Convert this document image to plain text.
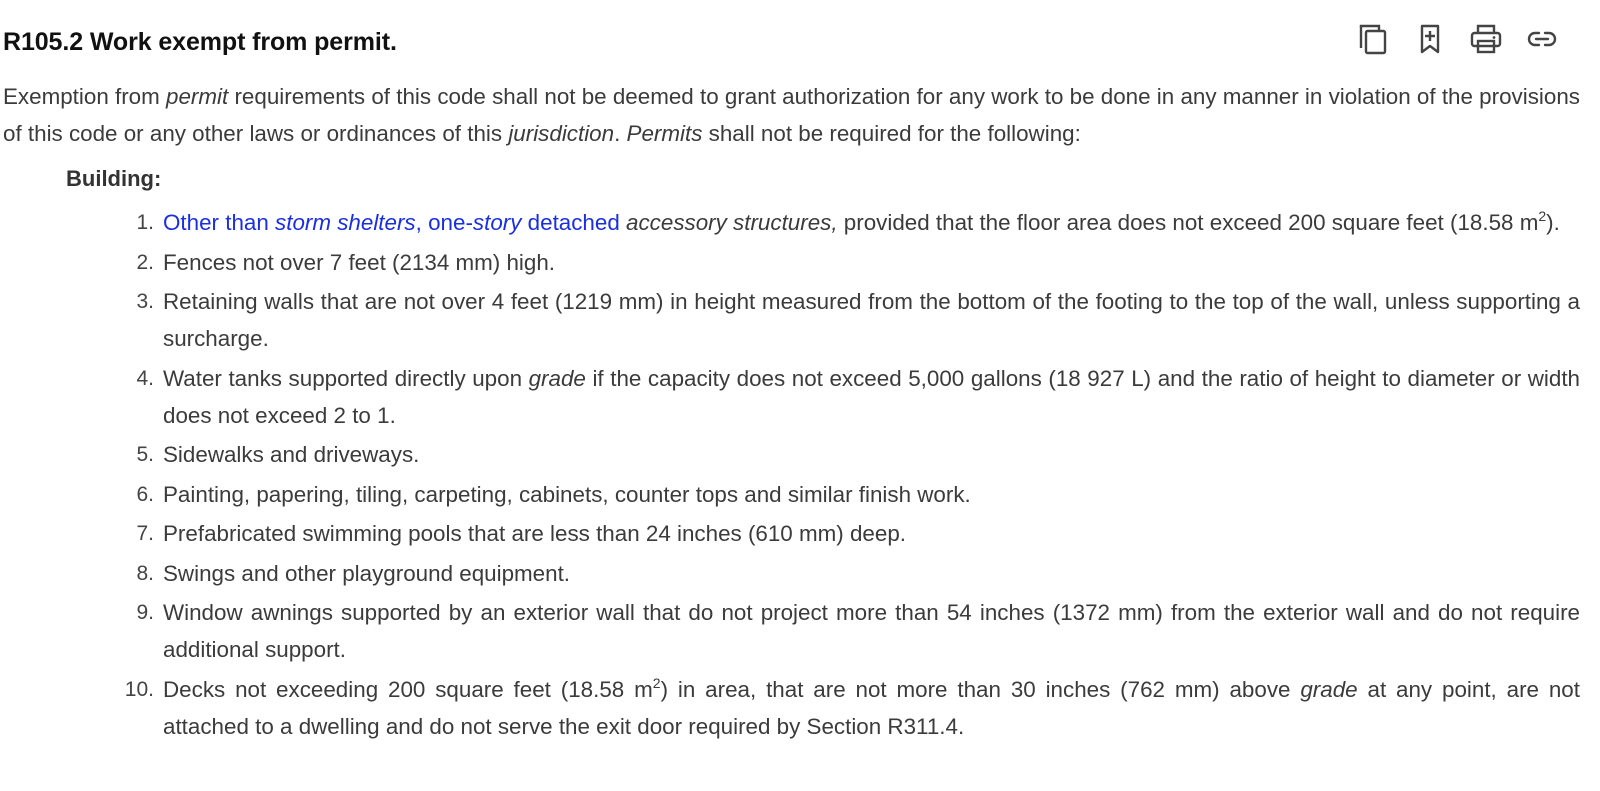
R105.2 Work exempt from permit.

Exemption from permit requirements of this code shall not be deemed to grant authorization for any work to be done in any manner in violation of the provisions of this code or any other laws or ordinances of this jurisdiction. Permits shall not be required for the following:

Building:

1. Other than storm shelters, one-story detached accessory structures, provided that the floor area does not exceed 200 square feet (18.58 $m^2$).
2. Fences not over 7 feet (2134 mm) high.
3. Retaining walls that are not over 4 feet (1219 mm) in height measured from the bottom of the footing to the top of the wall, unless supporting a surcharge.
4. Water tanks supported directly upon grade if the capacity does not exceed 5,000 gallons (18 927 L) and the ratio of height to diameter or width does not exceed 2 to 1.
5. Sidewalks and driveways.
6. Painting, papering, tiling, carpeting, cabinets, counter tops and similar finish work.
7. Prefabricated swimming pools that are less than 24 inches (610 mm) deep.
8. Swings and other playground equipment.
9. Window awnings supported by an exterior wall that do not project more than 54 inches (1372 mm) from the exterior wall and do not require additional support.
10. Decks not exceeding 200 square feet (18.58 $m^2$) in area, that are not more than 30 inches (762 mm) above grade at any point, are not attached to a dwelling and do not serve the exit door required by Section R311.4.
